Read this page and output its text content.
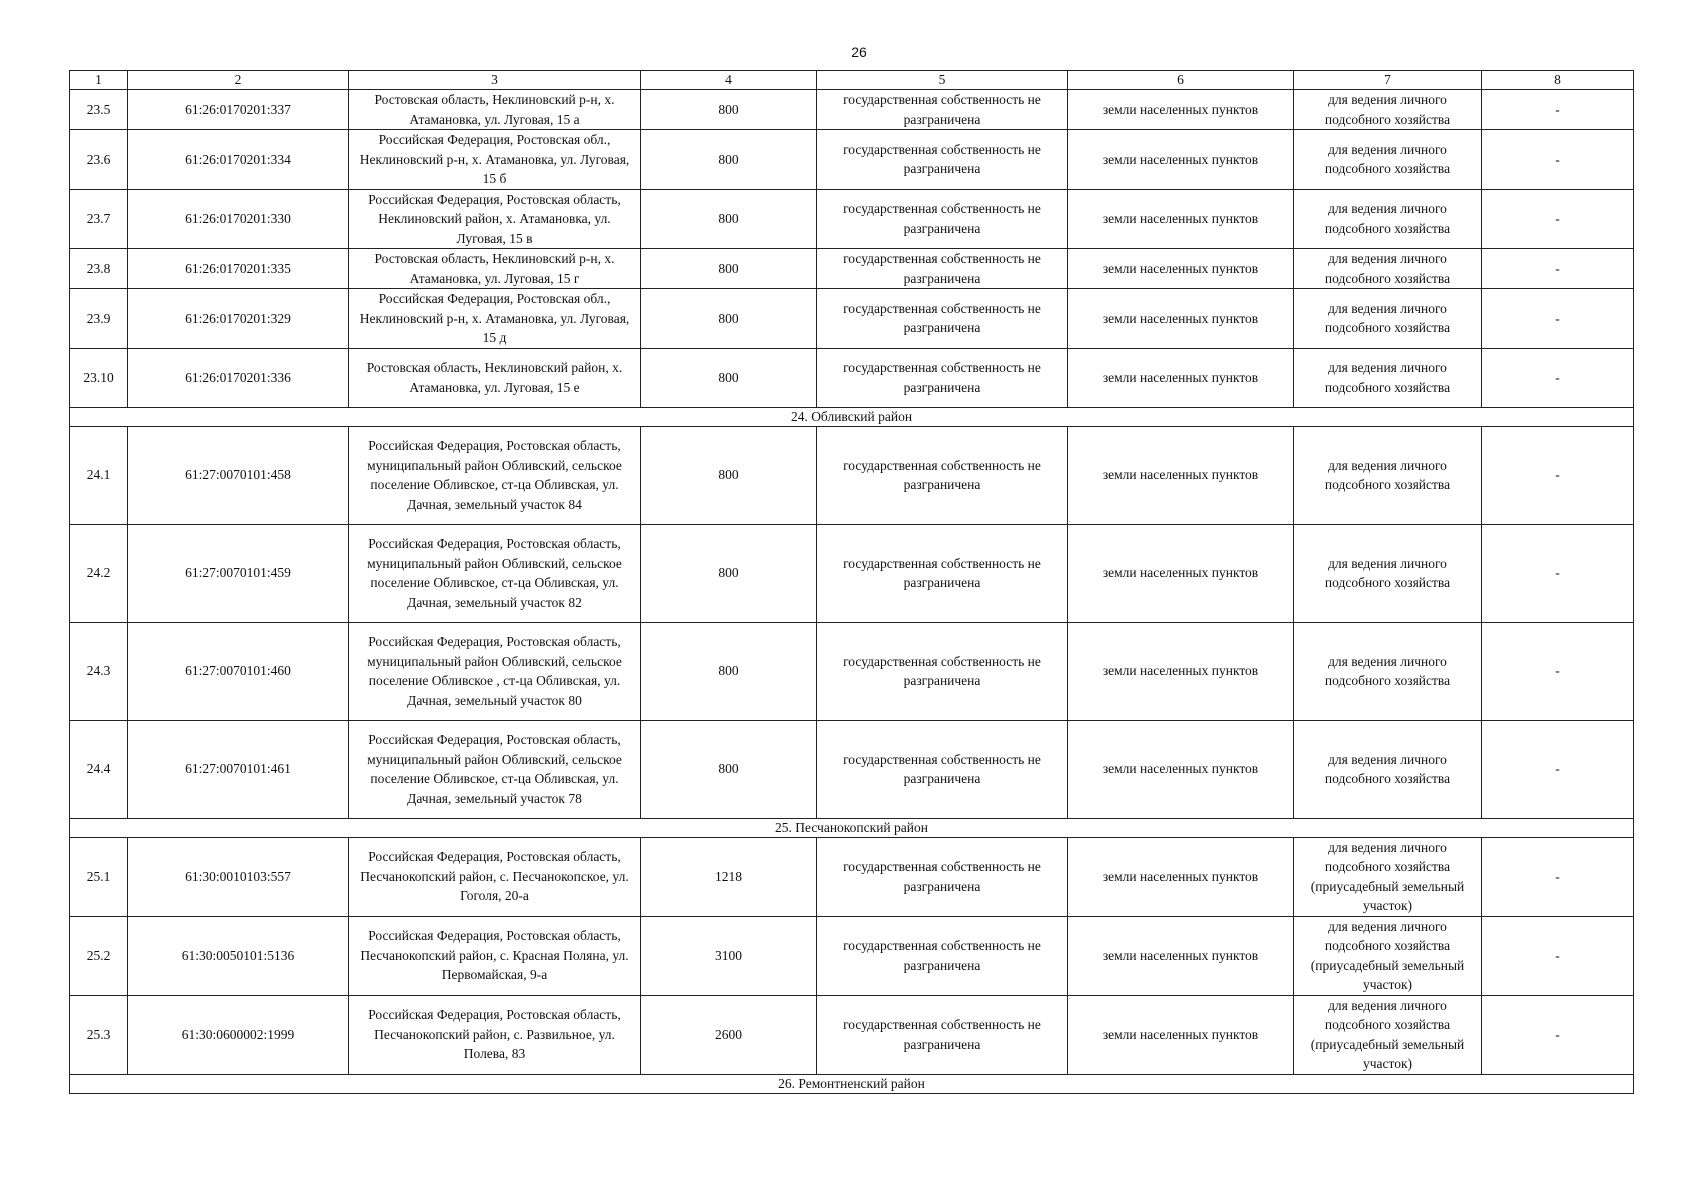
26
1	2	3	4	5	6	7	8
23.5	61:26:0170201:337	Ростовская область, Неклиновский р-н, х. Атамановка, ул. Луговая, 15 а	800	государственная собственность не разграничена	земли населенных пунктов	для ведения личного подсобного хозяйства	-
23.6	61:26:0170201:334	Российская Федерация, Ростовская обл., Неклиновский р-н, х. Атамановка, ул. Луговая, 15 б	800	государственная собственность не разграничена	земли населенных пунктов	для ведения личного подсобного хозяйства	-
23.7	61:26:0170201:330	Российская Федерация, Ростовская область, Неклиновский район, х. Атамановка, ул. Луговая, 15 в	800	государственная собственность не разграничена	земли населенных пунктов	для ведения личного подсобного хозяйства	-
23.8	61:26:0170201:335	Ростовская область, Неклиновский р-н, х. Атамановка, ул. Луговая, 15 г	800	государственная собственность не разграничена	земли населенных пунктов	для ведения личного подсобного хозяйства	-
23.9	61:26:0170201:329	Российская Федерация, Ростовская обл., Неклиновский р-н, х. Атамановка, ул. Луговая, 15 д	800	государственная собственность не разграничена	земли населенных пунктов	для ведения личного подсобного хозяйства	-
23.10	61:26:0170201:336	Ростовская область, Неклиновский район, х. Атамановка, ул. Луговая, 15 е	800	государственная собственность не разграничена	земли населенных пунктов	для ведения личного подсобного хозяйства	-
24. Обливский район							
24.1	61:27:0070101:458	Российская Федерация, Ростовская область, муниципальный район Обливский, сельское поселение Обливское, ст-ца Обливская, ул. Дачная, земельный участок 84	800	государственная собственность не разграничена	земли населенных пунктов	для ведения личного подсобного хозяйства	-
24.2	61:27:0070101:459	Российская Федерация, Ростовская область, муниципальный район Обливский, сельское поселение Обливское, ст-ца Обливская, ул. Дачная, земельный участок 82	800	государственная собственность не разграничена	земли населенных пунктов	для ведения личного подсобного хозяйства	-
24.3	61:27:0070101:460	Российская Федерация, Ростовская область, муниципальный район Обливский, сельское поселение Обливское , ст-ца Обливская, ул. Дачная, земельный участок 80	800	государственная собственность не разграничена	земли населенных пунктов	для ведения личного подсобного хозяйства	-
24.4	61:27:0070101:461	Российская Федерация, Ростовская область, муниципальный район Обливский, сельское поселение Обливское, ст-ца Обливская, ул. Дачная, земельный участок 78	800	государственная собственность не разграничена	земли населенных пунктов	для ведения личного подсобного хозяйства	-
25. Песчанокопский район							
25.1	61:30:0010103:557	Российская Федерация, Ростовская область, Песчанокопский район, с. Песчанокопское, ул. Гоголя, 20-а	1218	государственная собственность не разграничена	земли населенных пунктов	для ведения личного подсобного хозяйства (приусадебный земельный участок)	-
25.2	61:30:0050101:5136	Российская Федерация, Ростовская область, Песчанокопский район, с. Красная Поляна, ул. Первомайская, 9-а	3100	государственная собственность не разграничена	земли населенных пунктов	для ведения личного подсобного хозяйства (приусадебный земельный участок)	-
25.3	61:30:0600002:1999	Российская Федерация, Ростовская область, Песчанокопский район, с. Развильное, ул. Полева, 83	2600	государственная собственность не разграничена	земли населенных пунктов	для ведения личного подсобного хозяйства (приусадебный земельный участок)	-
26. Ремонтненский район							
